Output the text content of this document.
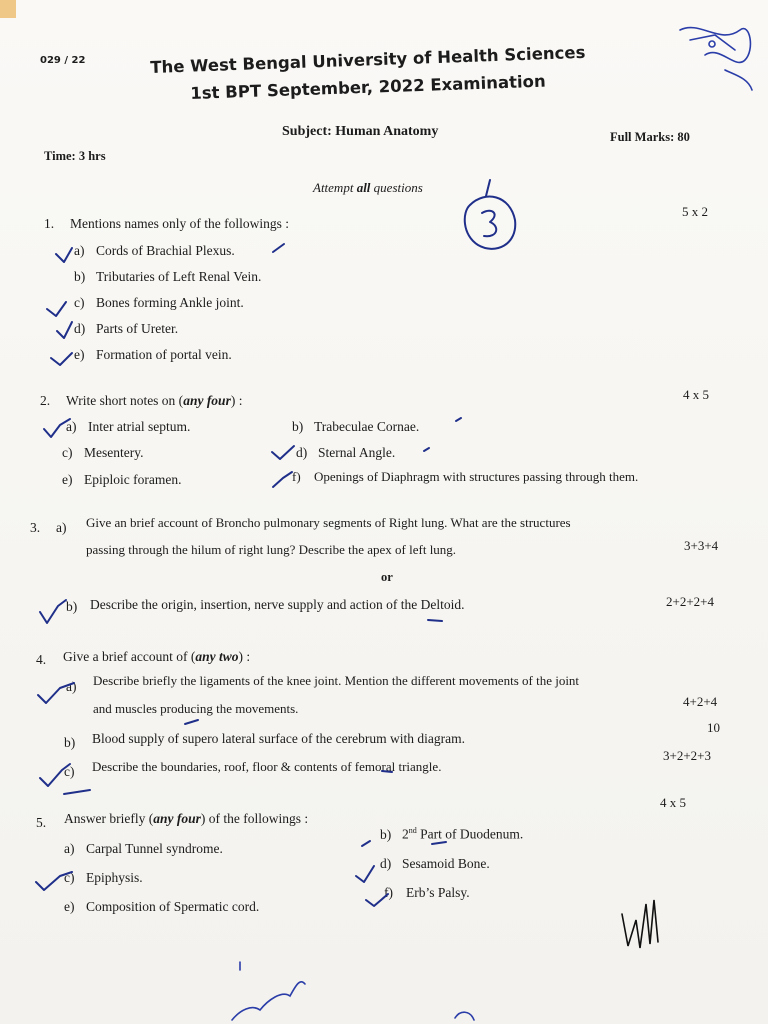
029 / 22	The West Bengal University of Health Sciences
1st BPT September, 2022 Examination
Subject: Human Anatomy	Full Marks: 80
Time: 3 hrs
Attempt all questions
1. Mentions names only of the followings :
5 x 2
a) Cords of Brachial Plexus.
b) Tributaries of Left Renal Vein.
c) Bones forming Ankle joint.
d) Parts of Ureter.
e) Formation of portal vein.
2. Write short notes on (any four) :	4 x 5
a) Inter atrial septum.	b) Trabeculae Cornae.
c) Mesentery.	d) Sternal Angle.
e) Epiploic foramen.	f) Openings of Diaphragm with structures passing through them.
3. a) Give an brief account of Broncho pulmonary segments of Right lung. What are the structures
passing through the hilum of right lung? Describe the apex of left lung.	3+3+4
or
b) Describe the origin, insertion, nerve supply and action of the Deltoid.	2+2+2+4
4. Give a brief account of (any two) :
a) Describe briefly the ligaments of the knee joint. Mention the different movements of the joint
and muscles producing the movements.	4+2+4
b) Blood supply of supero lateral surface of the cerebrum with diagram.
10
c) Describe the boundaries, roof, floor & contents of femoral triangle.
3+2+2+3
5. Answer briefly (any four) of the followings :
4 x 5
a) Carpal Tunnel syndrome.
b) 2nd Part of Duodenum.
c) Epiphysis.
d) Sesamoid Bone.
e) Composition of Spermatic cord.
f) Erb’s Palsy.
